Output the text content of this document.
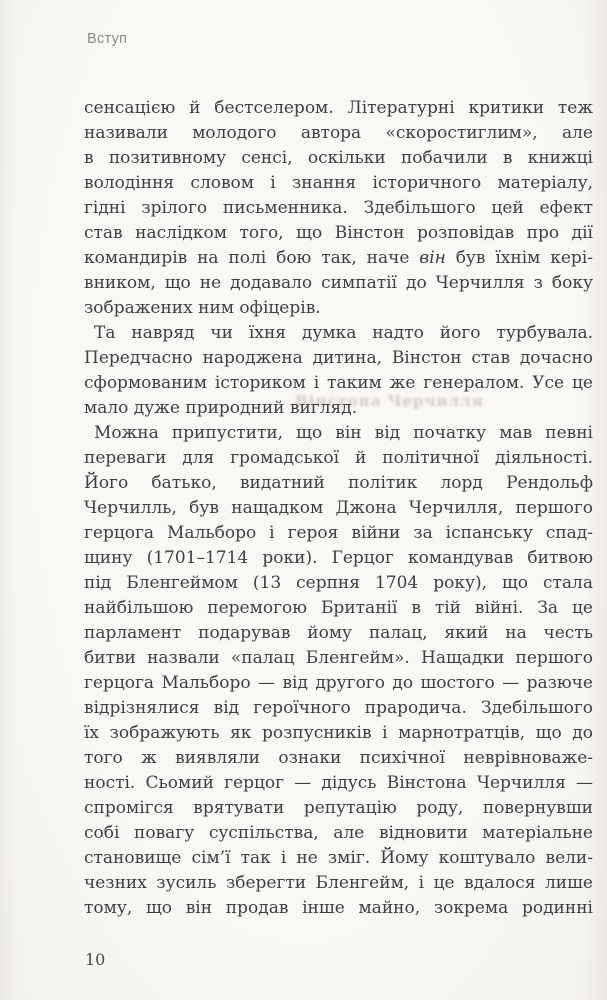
Вступ
Вінстона Черчилля
сенсацією й бестселером. Літературні критики теж
називали молодого автора «скоростиглим», але
в позитивному сенсі, оскільки побачили в книжці
володіння словом і знання історичного матеріалу,
гідні зрілого письменника. Здебільшого цей ефект
став наслідком того, що Вінстон розповідав про дії
командирів на полі бою так, наче він був їхнім кері-
вником, що не додавало симпатії до Черчилля з боку
зображених ним офіцерів.
Та навряд чи їхня думка надто його турбувала.
Передчасно народжена дитина, Вінстон став дочасно
сформованим істориком і таким же генералом. Усе це
мало дуже природний вигляд.
Можна припустити, що він від початку мав певні
переваги для громадської й політичної діяльності.
Його батько, видатний політик лорд Рендольф
Черчилль, був нащадком Джона Черчилля, першого
герцога Мальборо і героя війни за іспанську спад-
щину (1701–1714 роки). Герцог командував битвою
під Бленгеймом (13 серпня 1704 року), що стала
найбільшою перемогою Британії в тій війні. За це
парламент подарував йому палац, який на честь
битви назвали «палац Бленгейм». Нащадки першого
герцога Мальборо — від другого до шостого — разюче
відрізнялися від героїчного прародича. Здебільшого
їх зображують як розпусників і марнотратців, що до
того ж виявляли ознаки психічної неврівноваже-
ності. Сьомий герцог — дідусь Вінстона Черчилля —
спромігся врятувати репутацію роду, повернувши
собі повагу суспільства, але відновити матеріальне
становище сім’ї так і не зміг. Йому коштувало вели-
чезних зусиль зберегти Бленгейм, і це вдалося лише
тому, що він продав інше майно, зокрема родинні
10
